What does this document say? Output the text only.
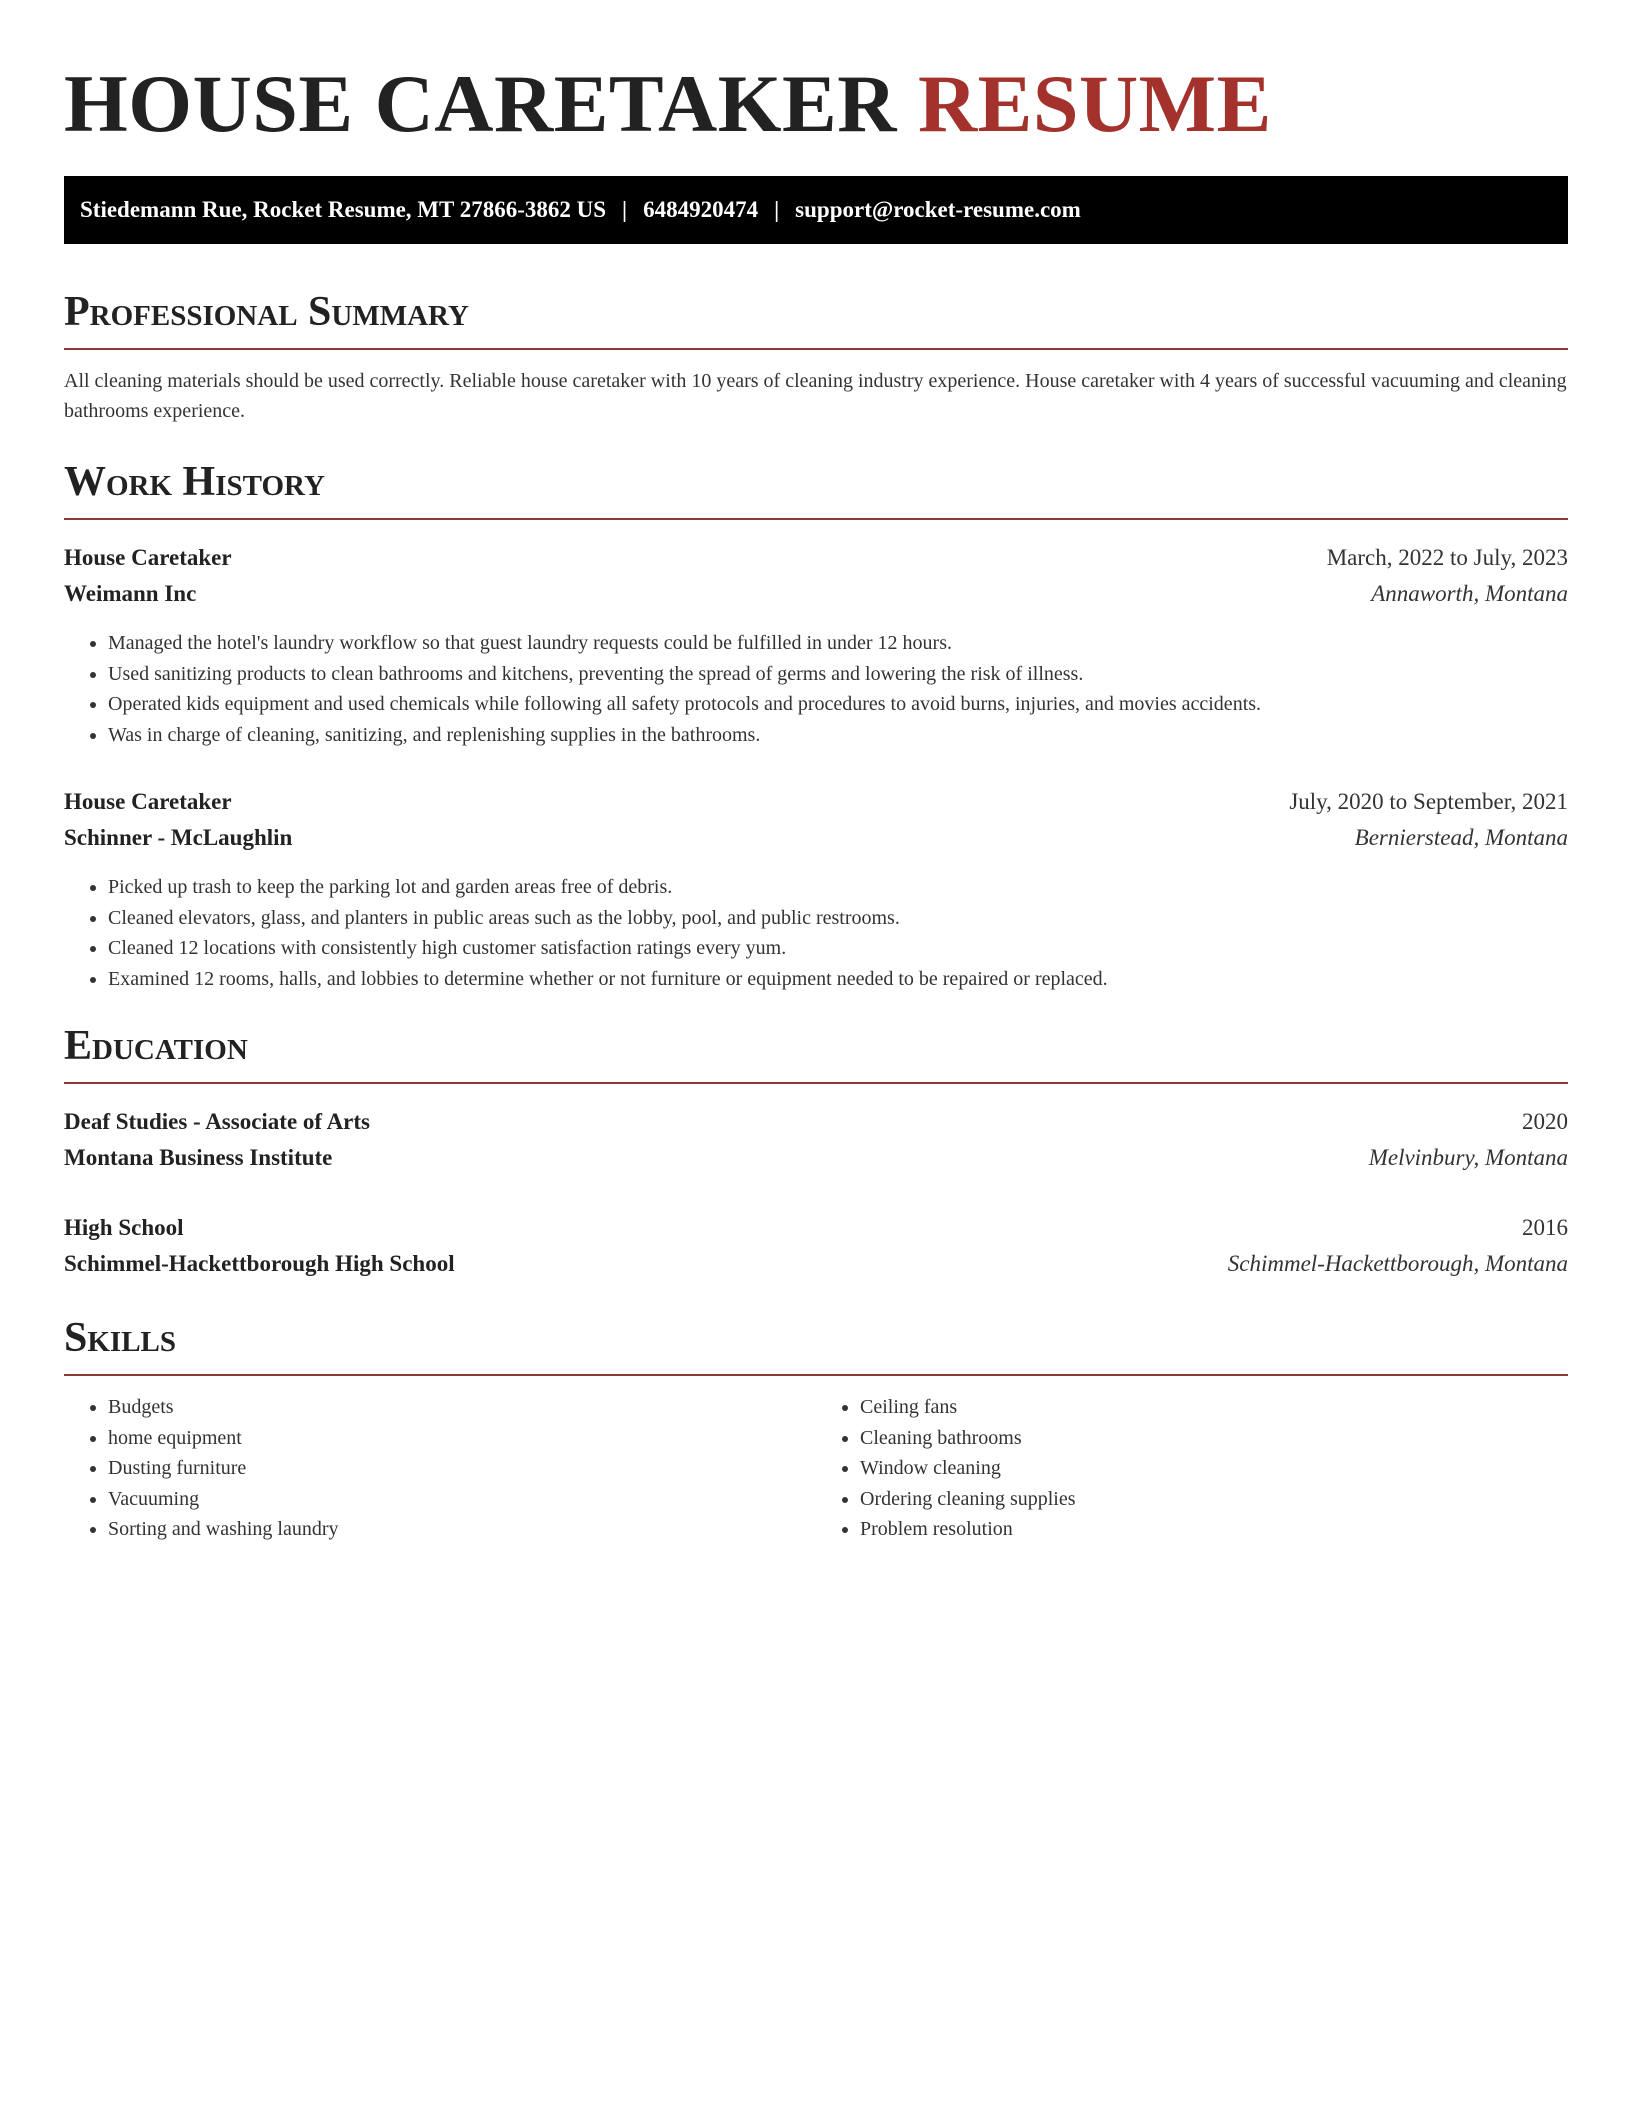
HOUSE CARETAKER RESUME
Stiedemann Rue, Rocket Resume, MT 27866-3862 US | 6484920474 | support@rocket-resume.com
Professional Summary

All cleaning materials should be used correctly. Reliable house caretaker with 10 years of cleaning industry experience. House caretaker with 4 years of successful vacuuming and cleaning bathrooms experience.

Work History
House Caretaker	March, 2022 to July, 2023
Weimann Inc	Annaworth, Montana
• Managed the hotel's laundry workflow so that guest laundry requests could be fulfilled in under 12 hours.
• Used sanitizing products to clean bathrooms and kitchens, preventing the spread of germs and lowering the risk of illness.
• Operated kids equipment and used chemicals while following all safety protocols and procedures to avoid burns, injuries, and movies accidents.
• Was in charge of cleaning, sanitizing, and replenishing supplies in the bathrooms.
House Caretaker	July, 2020 to September, 2021
Schinner - McLaughlin	Bernierstead, Montana
• Picked up trash to keep the parking lot and garden areas free of debris.
• Cleaned elevators, glass, and planters in public areas such as the lobby, pool, and public restrooms.
• Cleaned 12 locations with consistently high customer satisfaction ratings every yum.
• Examined 12 rooms, halls, and lobbies to determine whether or not furniture or equipment needed to be repaired or replaced.
Education
Deaf Studies - Associate of Arts	2020
Montana Business Institute	Melvinbury, Montana
High School	2016
Schimmel-Hackettborough High School	Schimmel-Hackettborough, Montana
Skills
• Budgets
• home equipment
• Dusting furniture
• Vacuuming
• Sorting and washing laundry
• Ceiling fans
• Cleaning bathrooms
• Window cleaning
• Ordering cleaning supplies
• Problem resolution
